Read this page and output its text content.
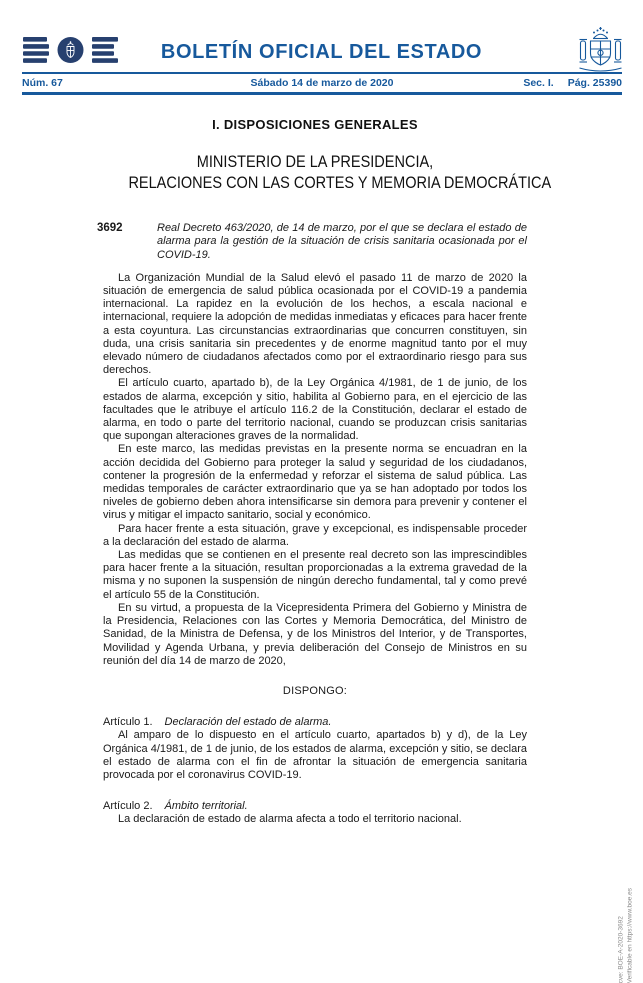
BOLETÍN OFICIAL DEL ESTADO
Núm. 67	Sábado 14 de marzo de 2020	Sec. I. Pág. 25390
I. DISPOSICIONES GENERALES
MINISTERIO DE LA PRESIDENCIA,
RELACIONES CON LAS CORTES Y MEMORIA DEMOCRÁTICA
3692	Real Decreto 463/2020, de 14 de marzo, por el que se declara el estado de alarma para la gestión de la situación de crisis sanitaria ocasionada por el COVID-19.

La Organización Mundial de la Salud elevó el pasado 11 de marzo de 2020 la situación de emergencia de salud pública ocasionada por el COVID-19 a pandemia internacional. La rapidez en la evolución de los hechos, a escala nacional e internacional, requiere la adopción de medidas inmediatas y eficaces para hacer frente a esta coyuntura. Las circunstancias extraordinarias que concurren constituyen, sin duda, una crisis sanitaria sin precedentes y de enorme magnitud tanto por el muy elevado número de ciudadanos afectados como por el extraordinario riesgo para sus derechos.

El artículo cuarto, apartado b), de la Ley Orgánica 4/1981, de 1 de junio, de los estados de alarma, excepción y sitio, habilita al Gobierno para, en el ejercicio de las facultades que le atribuye el artículo 116.2 de la Constitución, declarar el estado de alarma, en todo o parte del territorio nacional, cuando se produzcan crisis sanitarias que supongan alteraciones graves de la normalidad.

En este marco, las medidas previstas en la presente norma se encuadran en la acción decidida del Gobierno para proteger la salud y seguridad de los ciudadanos, contener la progresión de la enfermedad y reforzar el sistema de salud pública. Las medidas temporales de carácter extraordinario que ya se han adoptado por todos los niveles de gobierno deben ahora intensificarse sin demora para prevenir y contener el virus y mitigar el impacto sanitario, social y económico.

Para hacer frente a esta situación, grave y excepcional, es indispensable proceder a la declaración del estado de alarma.

Las medidas que se contienen en el presente real decreto son las imprescindibles para hacer frente a la situación, resultan proporcionadas a la extrema gravedad de la misma y no suponen la suspensión de ningún derecho fundamental, tal y como prevé el artículo 55 de la Constitución.

En su virtud, a propuesta de la Vicepresidenta Primera del Gobierno y Ministra de la Presidencia, Relaciones con las Cortes y Memoria Democrática, del Ministro de Sanidad, de la Ministra de Defensa, y de los Ministros del Interior, y de Transportes, Movilidad y Agenda Urbana, y previa deliberación del Consejo de Ministros en su reunión del día 14 de marzo de 2020,

DISPONGO:
Artículo 1. Declaración del estado de alarma.

Al amparo de lo dispuesto en el artículo cuarto, apartados b) y d), de la Ley Orgánica 4/1981, de 1 de junio, de los estados de alarma, excepción y sitio, se declara el estado de alarma con el fin de afrontar la situación de emergencia sanitaria provocada por el coronavirus COVID-19.

Artículo 2. Ámbito territorial.

La declaración de estado de alarma afecta a todo el territorio nacional.

cve: BOE-A-2020-3692 Verificable en https://www.boe.es
